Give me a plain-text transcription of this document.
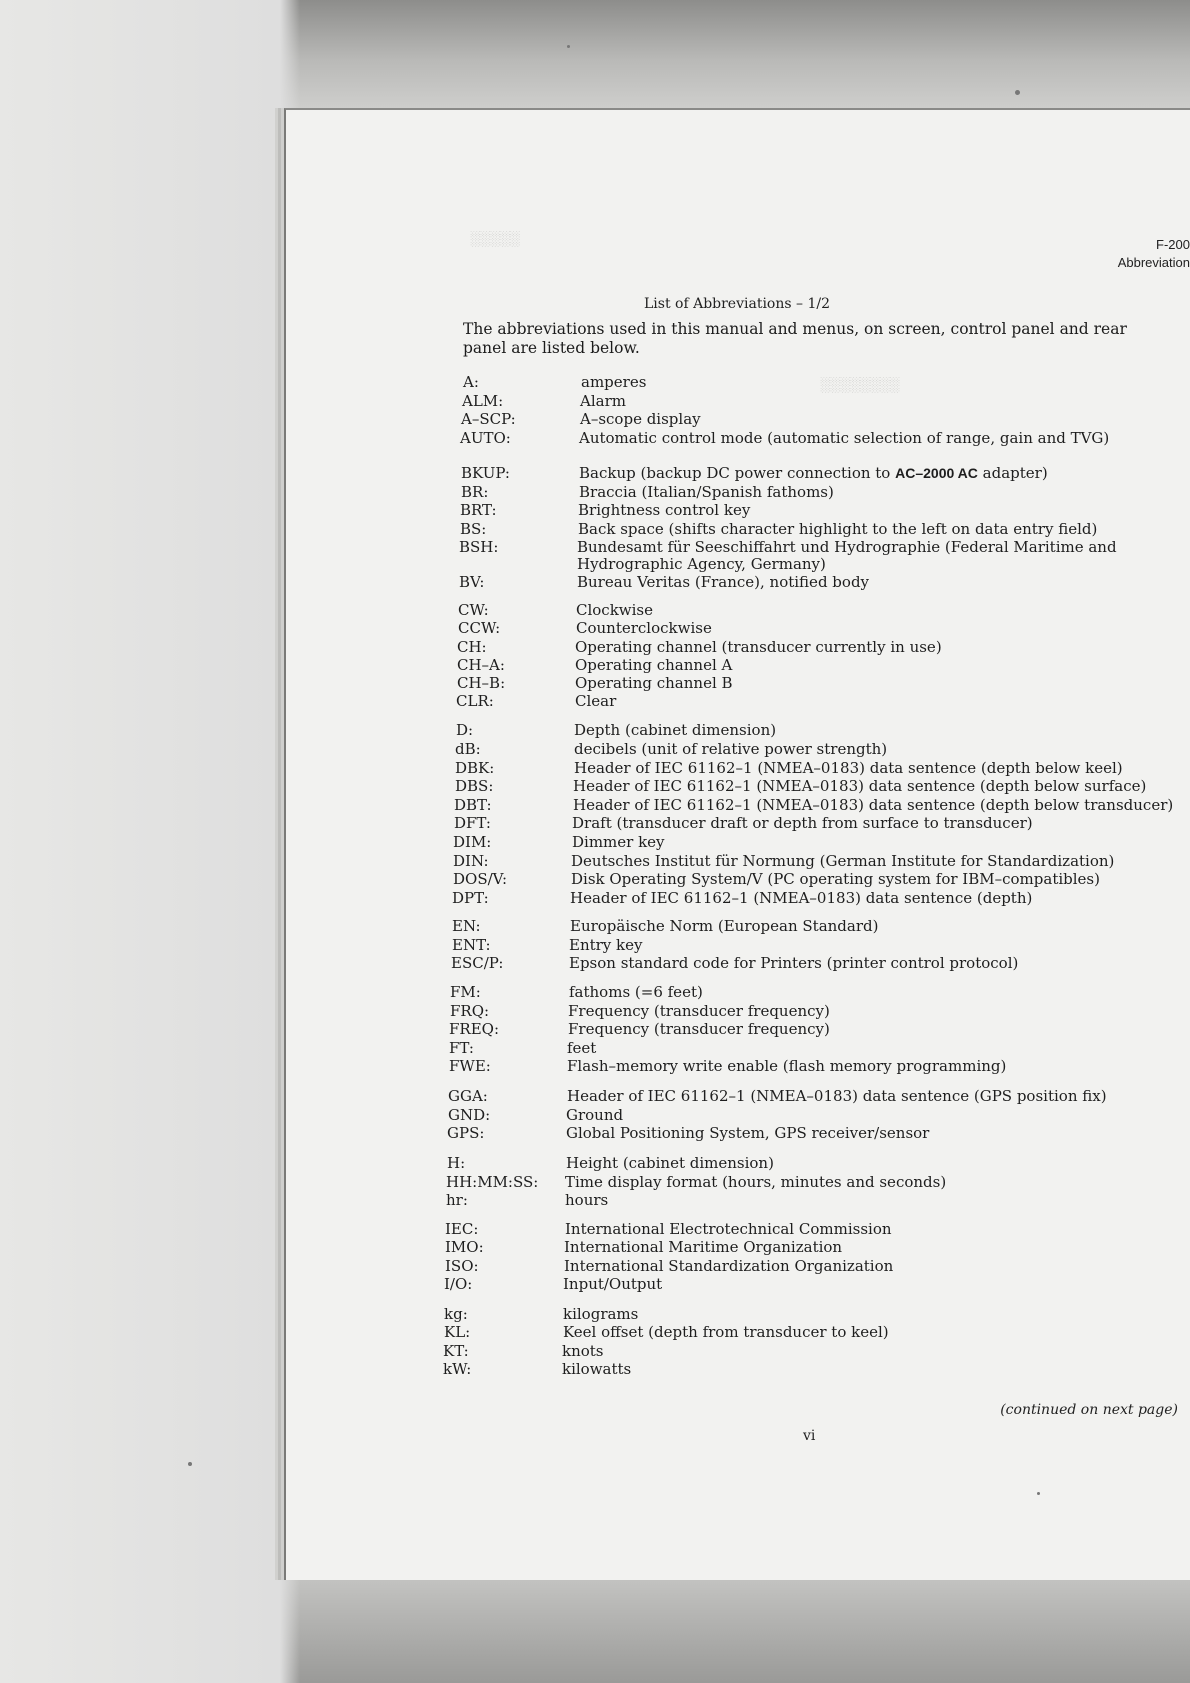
░░░░░
░░░░░░░░
F-200
Abbreviation
List of Abbreviations – 1/2
The abbreviations used in this manual and menus, on screen, control panel and rear
panel are listed below.
A:	amperes
ALM:	Alarm
A–SCP:	A–scope display
AUTO:	Automatic control mode (automatic selection of range, gain and TVG)
BKUP:	Backup (backup DC power connection to AC–2000 AC adapter)
BR:	Braccia (Italian/Spanish fathoms)
BRT:	Brightness control key
BS:	Back space (shifts character highlight to the left on data entry field)
BSH:	Bundesamt für Seeschiffahrt und Hydrographie (Federal Maritime and
Hydrographic Agency, Germany)
BV:	Bureau Veritas (France), notified body
CW:	Clockwise
CCW:	Counterclockwise
CH:	Operating channel (transducer currently in use)
CH–A:	Operating channel A
CH–B:	Operating channel B
CLR:	Clear
D:	Depth (cabinet dimension)
dB:	decibels (unit of relative power strength)
DBK:	Header of IEC 61162–1 (NMEA–0183) data sentence (depth below keel)
DBS:	Header of IEC 61162–1 (NMEA–0183) data sentence (depth below surface)
DBT:	Header of IEC 61162–1 (NMEA–0183) data sentence (depth below transducer)
DFT:	Draft (transducer draft or depth from surface to transducer)
DIM:	Dimmer key
DIN:	Deutsches Institut für Normung (German Institute for Standardization)
DOS/V:	Disk Operating System/V (PC operating system for IBM–compatibles)
DPT:	Header of IEC 61162–1 (NMEA–0183) data sentence (depth)
EN:	Europäische Norm (European Standard)
ENT:	Entry key
ESC/P:	Epson standard code for Printers (printer control protocol)
FM:	fathoms (=6 feet)
FRQ:	Frequency (transducer frequency)
FREQ:	Frequency (transducer frequency)
FT:	feet
FWE:	Flash–memory write enable (flash memory programming)
GGA:	Header of IEC 61162–1 (NMEA–0183) data sentence (GPS position fix)
GND:	Ground
GPS:	Global Positioning System, GPS receiver/sensor
H:	Height (cabinet dimension)
HH:MM:SS: Time display format (hours, minutes and seconds)
hr:	hours
IEC:	International Electrotechnical Commission
IMO:	International Maritime Organization
ISO:	International Standardization Organization
I/O:	Input/Output
kg:	kilograms
KL:	Keel offset (depth from transducer to keel)
KT:	knots
kW:	kilowatts
(continued on next page)
vi
